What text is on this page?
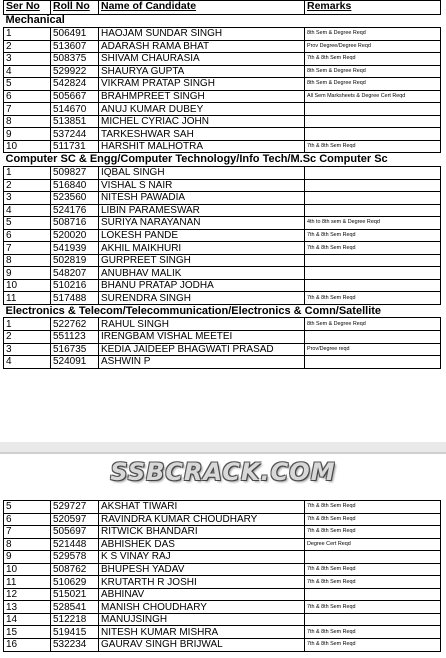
Ser No	Roll No	Name of Candidate	Remarks
Mechanical			
1	506491	HAOJAM SUNDAR SINGH	8th Sem & Degree Reqd
2	513607	ADARASH RAMA BHAT	Prov Degree/Degree Reqd
3	508375	SHIVAM CHAURASIA	7th & 8th Sem Reqd
4	529922	SHAURYA GUPTA	8th Sem & Degree Reqd
5	542824	VIKRAM PRATAP SINGH	8th Sem & Degree Reqd
6	505667	BRAHMPREET SINGH	All Sem Marksheets & Degree Cert Reqd
7	514670	ANUJ KUMAR DUBEY	
8	513851	MICHEL CYRIAC JOHN	
9	537244	TARKESHWAR SAH	
10	511731	HARSHIT MALHOTRA	7th & 8th Sem Reqd
Computer SC & Engg/Computer Technology/Info Tech/M.Sc Computer Sc			
1	509827	IQBAL SINGH	
2	516840	VISHAL S NAIR	
3	523560	NITESH PAWADIA	
4	524176	LIBIN PARAMESWAR	
5	508716	SURIYA NARAYANAN	4th to 8th sem & Degree Reqd
6	520020	LOKESH PANDE	7th & 8th Sem Reqd
7	541939	AKHIL MAIKHURI	7th & 8th Sem Reqd
8	502819	GURPREET SINGH	
9	548207	ANUBHAV MALIK	
10	510216	BHANU PRATAP JODHA	
11	517488	SURENDRA SINGH	7th & 8th Sem Reqd
Electronics & Telecom/Telecommunication/Electronics & Comn/Satellite			
1	522762	RAHUL SINGH	8th Sem & Degree Reqd
2	551123	IRENGBAM VISHAL MEETEI	
3	516735	KEDIA JAIDEEP BHAGWATI PRASAD	Prov/Degree reqd
4	524091	ASHWIN P	
SSBCRACK.COM
5	529727	AKSHAT TIWARI	7th & 8th Sem Reqd
6	520597	RAVINDRA KUMAR CHOUDHARY	7th & 8th Sem Reqd
7	505697	RITWICK BHANDARI	7th & 8th Sem Reqd
8	521448	ABHISHEK DAS	Degree Cert Reqd
9	529578	K S VINAY RAJ	
10	508762	BHUPESH YADAV	7th & 8th Sem Reqd
11	510629	KRUTARTH R JOSHI	7th & 8th Sem Reqd
12	515021	ABHINAV	
13	528541	MANISH CHOUDHARY	7th & 8th Sem Reqd
14	512218	MANUJSINGH	
15	519415	NITESH KUMAR MISHRA	7th & 8th Sem Reqd
16	532234	GAURAV SINGH BRIJWAL	7th & 8th Sem Reqd
